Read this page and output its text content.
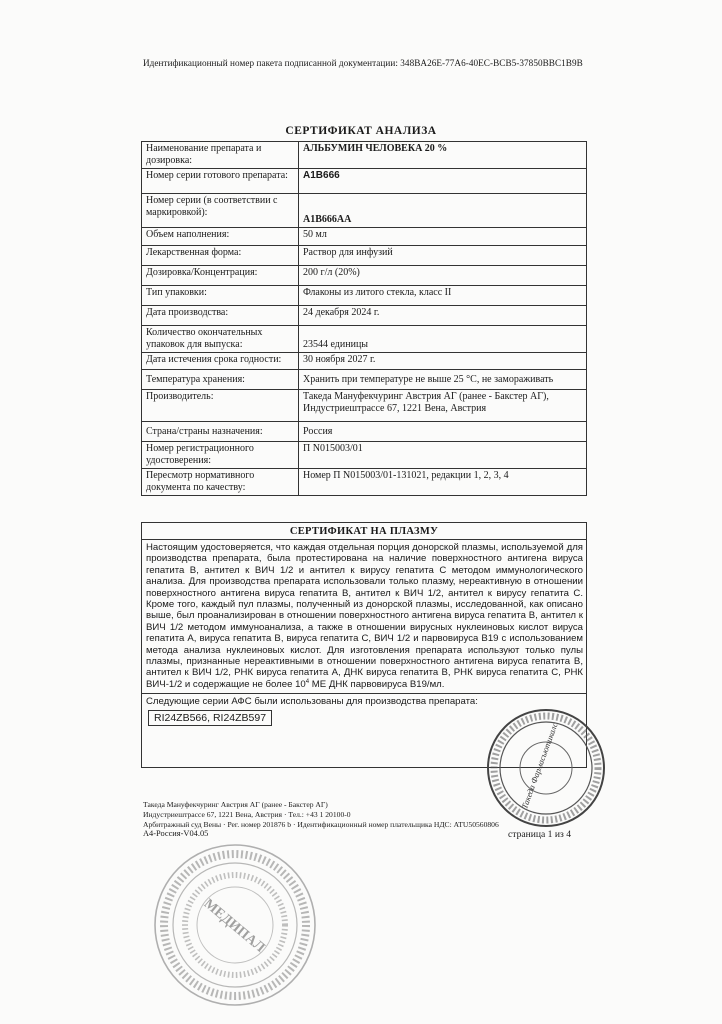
Идентификационный номер пакета подписанной документации: 348BA26E-77A6-40EC-BCB5-37850BBC1B9B
СЕРТИФИКАТ АНАЛИЗА
Наименование препарата и дозировка:	АЛЬБУМИН ЧЕЛОВЕКА 20 %
Номер серии готового препарата:	A1B666
Номер серии (в соответствии с маркировкой):	A1B666AA
Объем наполнения:	50 мл
Лекарственная форма:	Раствор для инфузий
Дозировка/Концентрация:	200 г/л (20%)
Тип упаковки:	Флаконы из литого стекла, класс II
Дата производства:	24 декабря 2024 г.
Количество окончательных упаковок для выпуска:	23544 единицы
Дата истечения срока годности:	30 ноября 2027 г.
Температура хранения:	Хранить при температуре не выше 25 °С, не замораживать
Производитель:	Такеда Мануфекчуринг Австрия АГ (ранее - Бакстер АГ),
Индустриештрассе 67, 1221 Вена, Австрия

Страна/страны назначения:	Россия
Номер регистрационного удостоверения:	П N015003/01
Пересмотр нормативного документа по качеству:	Номер П N015003/01-131021, редакции 1, 2, 3, 4
СЕРТИФИКАТ НА ПЛАЗМУ
Настоящим удостоверяется, что каждая отдельная порция донорской плазмы, используемой для производства препарата, была протестирована на наличие поверхностного антигена вируса гепатита В, антител к ВИЧ 1/2 и антител к вирусу гепатита С методом иммунологического анализа. Для производства препарата использовали только плазму, нереактивную в отношении поверхностного антигена вируса гепатита В, антител к ВИЧ 1/2, антител к вирусу гепатита С. Кроме того, каждый пул плазмы, полученный из донорской плазмы, исследованной, как описано выше, был проанализирован в отношении поверхностного антигена вируса гепатита В, антител к ВИЧ 1/2 методом иммуноанализа, а также в отношении вирусных нуклеиновых кислот вируса гепатита А, вируса гепатита В, вируса гепатита С, ВИЧ 1/2 и парвовируса В19 с использованием метода анализа нуклеиновых кислот. Для изготовления препарата используют только пулы плазмы, признанные нереактивными в отношении поверхностного антигена вируса гепатита В, антител к ВИЧ 1/2, РНК вируса гепатита А, ДНК вируса гепатита В, РНК вируса гепатита С, РНК ВИЧ-1/2 и содержащие не более $10^4$ МЕ ДНК парвовируса В19/мл.
Следующие серии АФС были использованы для производства препарата:
RI24ZB566, RI24ZB597
Такеда Фармасьютикалс
МЕДИПАЛ
Такеда Мануфекчуринг Австрия АГ (ранее - Бакстер АГ)
Индустриештрассе 67, 1221 Вена, Австрия · Тел.: +43 1 20100-0
Арбитражный суд Вены · Рег. номер 201876 b · Идентификационный номер плательщика НДС: ATU50560806
A4-Россия-V04.05	страница 1 из 4
